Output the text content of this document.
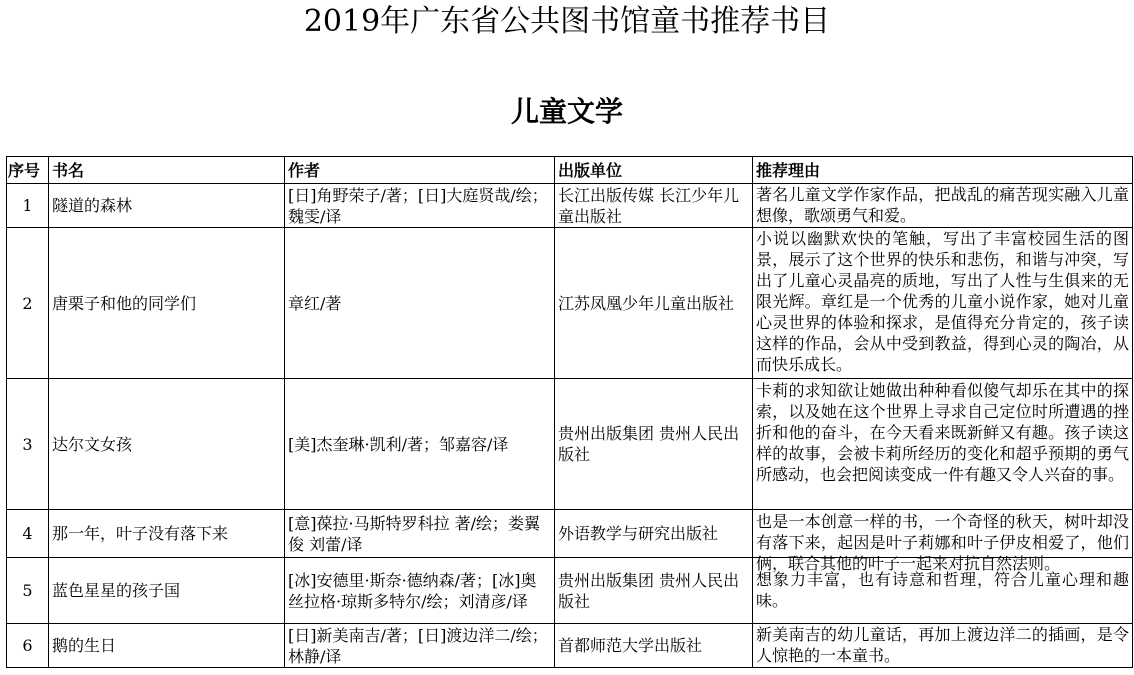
2019年广东省公共图书馆童书推荐书目
儿童文学
序号	书名	作者	出版单位	推荐理由
1	隧道的森林	[日]角野荣子/著；[日]大庭贤哉/绘；魏雯/译	长江出版传媒 长江少年儿童出版社	著名儿童文学作家作品，把战乱的痛苦现实融入儿童想像，歌颂勇气和爱。

2	唐栗子和他的同学们	章红/著	江苏凤凰少年儿童出版社	小说以幽默欢快的笔触，写出了丰富校园生活的图景，展示了这个世界的快乐和悲伤，和谐与冲突，写出了儿童心灵晶亮的质地，写出了人性与生俱来的无限光辉。章红是一个优秀的儿童小说作家，她对儿童心灵世界的体验和探求，是值得充分肯定的，孩子读这样的作品，会从中受到教益，得到心灵的陶冶，从而快乐成长。

3	达尔文女孩	[美]杰奎琳·凯利/著；邹嘉容/译	贵州出版集团 贵州人民出版社	卡莉的求知欲让她做出种种看似傻气却乐在其中的探索，以及她在这个世界上寻求自己定位时所遭遇的挫折和他的奋斗，在今天看来既新鲜又有趣。孩子读这样的故事，会被卡莉所经历的变化和超乎预期的勇气所感动，也会把阅读变成一件有趣又令人兴奋的事。

4	那一年，叶子没有落下来	[意]葆拉·马斯特罗科拉 著/绘；娄翼俊 刘蕾/译	外语教学与研究出版社	也是一本创意一样的书，一个奇怪的秋天，树叶却没有落下来，起因是叶子莉娜和叶子伊皮相爱了，他们俩，联合其他的叶子一起来对抗自然法则。

5	蓝色星星的孩子国	[冰]安德里·斯奈·德纳森/著；[冰]奥丝拉格·琼斯多特尔/绘；刘清彦/译	贵州出版集团 贵州人民出版社	想象力丰富，也有诗意和哲理，符合儿童心理和趣味。

6	鹅的生日	[日]新美南吉/著；[日]渡边洋二/绘；林静/译	首都师范大学出版社	新美南吉的幼儿童话，再加上渡边洋二的插画，是令人惊艳的一本童书。
